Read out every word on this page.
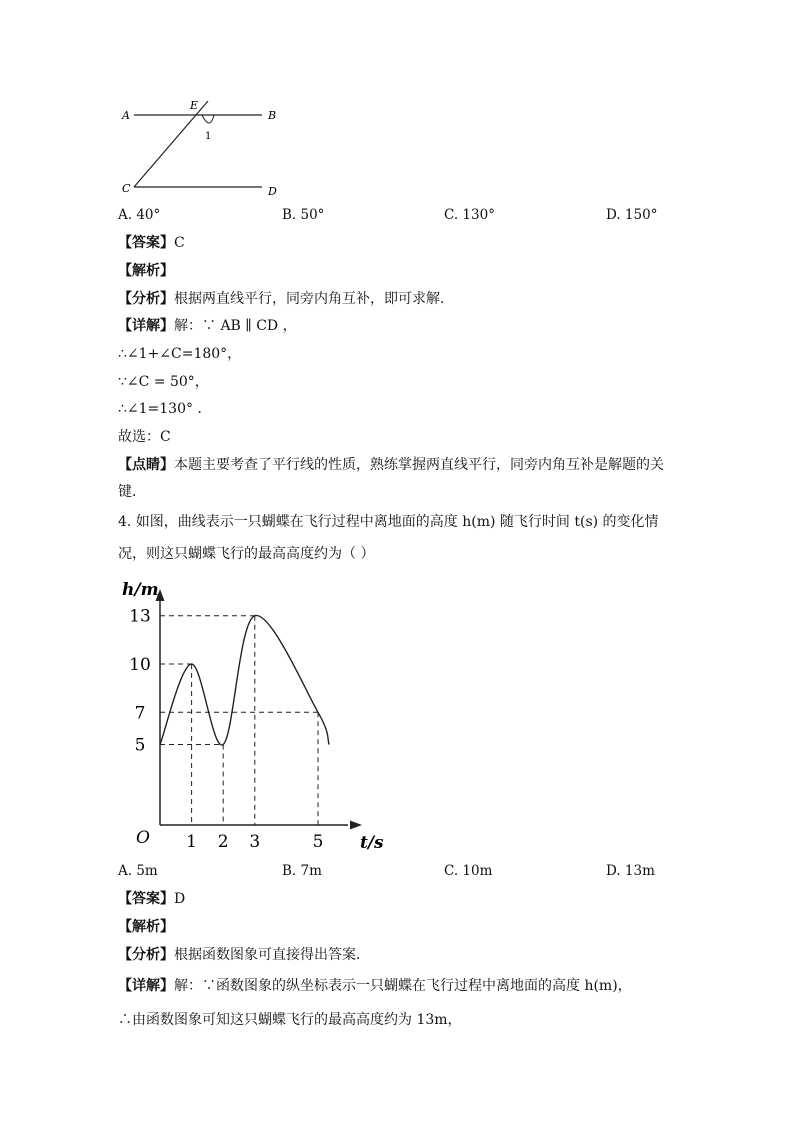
A	B
C	D
E
1
A. 40°	B. 50°	C. 130°	D. 150°
【答案】C
【解析】
【分析】根据两直线平行，同旁内角互补，即可求解．
【详解】解：∵ AB ∥ CD ，
∴∠1+∠C=180°，
∵∠C = 50°，
∴∠1=130° ．
故选：C
【点睛】本题主要考查了平行线的性质，熟练掌握两直线平行，同旁内角互补是解题的关
键．
4. 如图，曲线表示一只蝴蝶在飞行过程中离地面的高度 h(m) 随飞行时间 t(s) 的变化情
况，则这只蝴蝶飞行的最高高度约为（ ）
h/m
t/s
O
5
7
10
13
1 2 3	5
A. 5m	B. 7m	C. 10m	D. 13m
【答案】D
【解析】
【分析】根据函数图象可直接得出答案．
【详解】解：∵函数图象的纵坐标表示一只蝴蝶在飞行过程中离地面的高度 h(m)，
∴由函数图象可知这只蝴蝶飞行的最高高度约为 13m，
